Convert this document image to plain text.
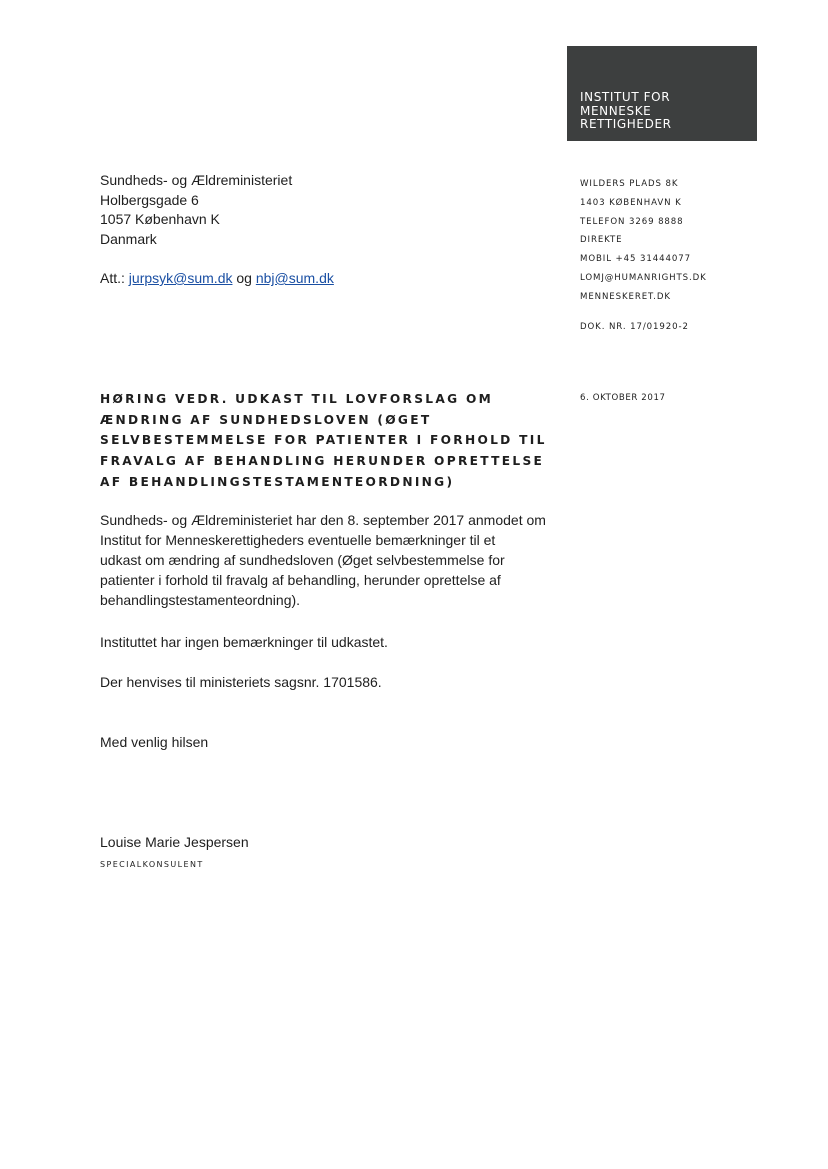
INSTITUT FOR
MENNESKE
RETTIGHEDER
Sundheds- og Ældreministeriet
Holbergsgade 6
1057 København K
Danmark
Att.: jurpsyk@sum.dk og nbj@sum.dk
WILDERS PLADS 8K
1403 KØBENHAVN K
TELEFON 3269 8888
DIREKTE
MOBIL +45 31444077
LOMJ@HUMANRIGHTS.DK
MENNESKERET.DK
DOK. NR. 17/01920-2
HØRING VEDR. UDKAST TIL LOVFORSLAG OM
ÆNDRING AF SUNDHEDSLOVEN (ØGET
SELVBESTEMMELSE FOR PATIENTER I FORHOLD TIL
FRAVALG AF BEHANDLING HERUNDER OPRETTELSE
AF BEHANDLINGSTESTAMENTEORDNING)
6. OKTOBER 2017
Sundheds- og Ældreministeriet har den 8. september 2017 anmodet om
Institut for Menneskerettigheders eventuelle bemærkninger til et
udkast om ændring af sundhedsloven (Øget selvbestemmelse for
patienter i forhold til fravalg af behandling, herunder oprettelse af
behandlingstestamenteordning).
Instituttet har ingen bemærkninger til udkastet.
Der henvises til ministeriets sagsnr. 1701586.
Med venlig hilsen
Louise Marie Jespersen
SPECIALKONSULENT
